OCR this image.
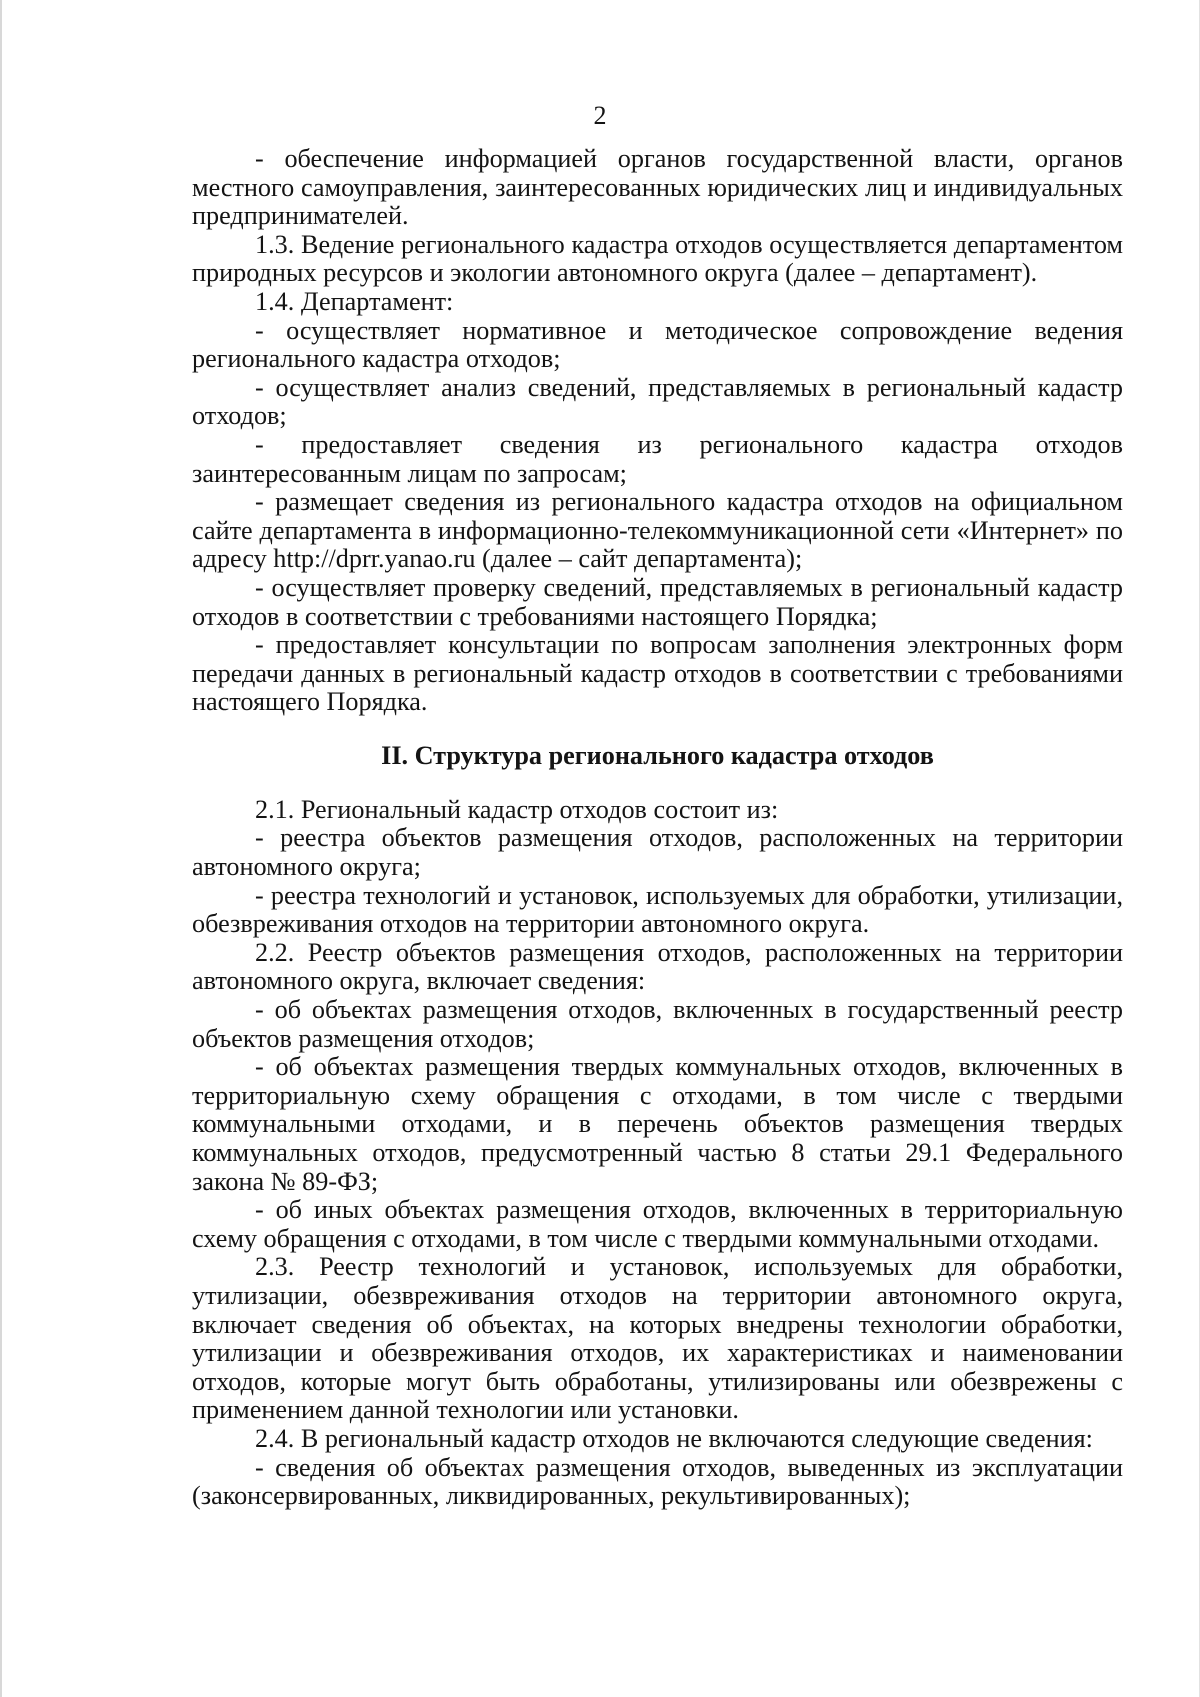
2

- обеспечение информацией органов государственной власти, органов местного самоуправления, заинтересованных юридических лиц и индивидуальных предпринимателей.

1.3. Ведение регионального кадастра отходов осуществляется департаментом природных ресурсов и экологии автономного округа (далее – департамент).

1.4. Департамент:

- осуществляет нормативное и методическое сопровождение ведения регионального кадастра отходов;

- осуществляет анализ сведений, представляемых в региональный кадастр отходов;

- предоставляет сведения из регионального кадастра отходов заинтересованным лицам по запросам;

- размещает сведения из регионального кадастра отходов на официальном сайте департамента в информационно-телекоммуникационной сети «Интернет» по адресу http://dprr.yanao.ru (далее – сайт департамента);

- осуществляет проверку сведений, представляемых в региональный кадастр отходов в соответствии с требованиями настоящего Порядка;

- предоставляет консультации по вопросам заполнения электронных форм передачи данных в региональный кадастр отходов в соответствии с требованиями настоящего Порядка.

II. Структура регионального кадастра отходов

2.1. Региональный кадастр отходов состоит из:

- реестра объектов размещения отходов, расположенных на территории автономного округа;

- реестра технологий и установок, используемых для обработки, утилизации, обезвреживания отходов на территории автономного округа.

2.2. Реестр объектов размещения отходов, расположенных на территории автономного округа, включает сведения:

- об объектах размещения отходов, включенных в государственный реестр объектов размещения отходов;

- об объектах размещения твердых коммунальных отходов, включенных в территориальную схему обращения с отходами, в том числе с твердыми коммунальными отходами, и в перечень объектов размещения твердых коммунальных отходов, предусмотренный частью 8 статьи 29.1 Федерального закона № 89-ФЗ;

- об иных объектах размещения отходов, включенных в территориальную схему обращения с отходами, в том числе с твердыми коммунальными отходами.

2.3. Реестр технологий и установок, используемых для обработки, утилизации, обезвреживания отходов на территории автономного округа, включает сведения об объектах, на которых внедрены технологии обработки, утилизации и обезвреживания отходов, их характеристиках и наименовании отходов, которые могут быть обработаны, утилизированы или обезврежены с применением данной технологии или установки.

2.4. В региональный кадастр отходов не включаются следующие сведения:

- сведения об объектах размещения отходов, выведенных из эксплуатации (законсервированных, ликвидированных, рекультивированных);
